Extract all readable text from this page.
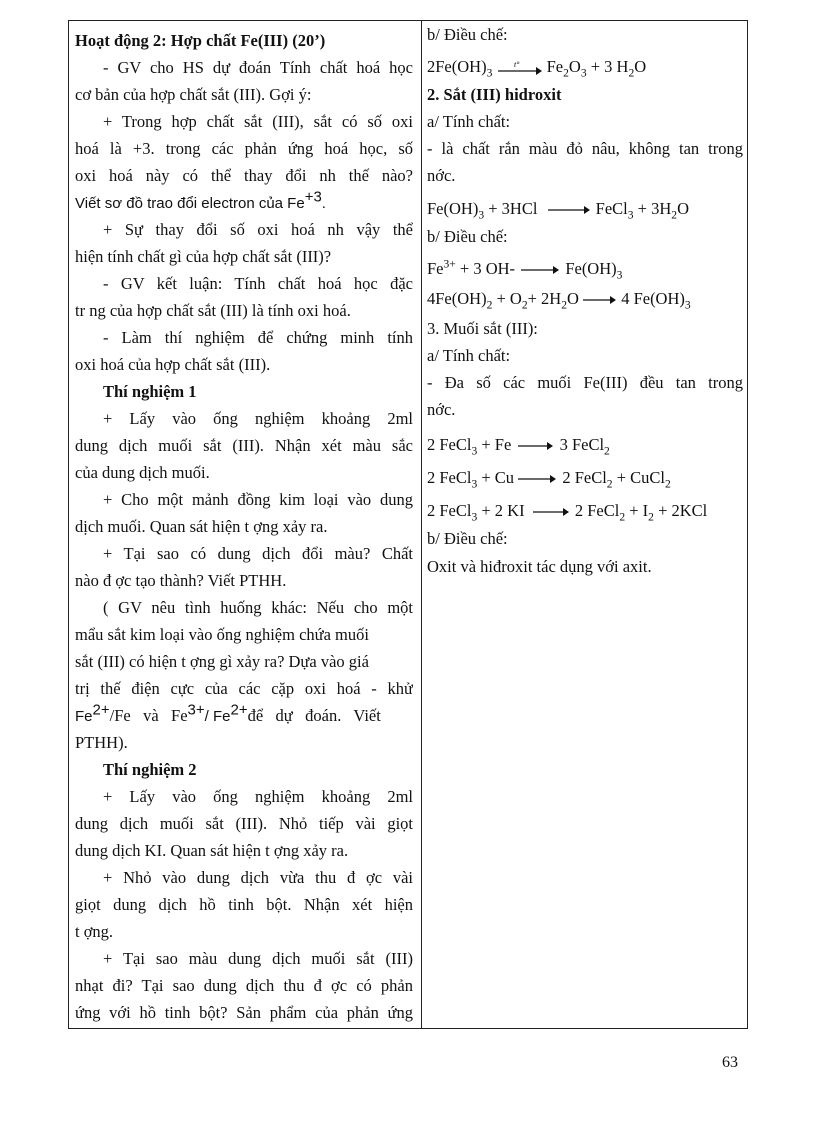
Hoạt động 2: Hợp chất Fe(III) (20’)
- GV cho HS dự đoán Tính chất hoá học
cơ bản của hợp chất sắt (III). Gợi ý:
+ Trong hợp chất sắt (III), sắt có số oxi
hoá là +3. trong các phản ứng hoá học, số
oxi hoá này có thể thay đổi nh thế nào?
Viết sơ đồ trao đổi electron của $Fe^{+3}$.
+ Sự thay đổi số oxi hoá nh vậy thể
hiện tính chất gì của hợp chất sắt (III)?
- GV kết luận: Tính chất hoá học đặc
tr ng của hợp chất sắt (III) là tính oxi hoá.
- Làm thí nghiệm để chứng minh tính
oxi hoá của hợp chất sắt (III).
Thí nghiệm 1
+ Lấy vào ống nghiệm khoảng 2ml
dung dịch muối sắt (III). Nhận xét màu sắc
của dung dịch muối.
+ Cho một mảnh đồng kim loại vào dung
dịch muối. Quan sát hiện t ợng xảy ra.
+ Tại sao có dung dịch đổi màu? Chất
nào đ ợc tạo thành? Viết PTHH.
( GV nêu tình huống khác: Nếu cho một
mẩu sắt kim loại vào ống nghiệm chứa muối
sắt (III) có hiện t ợng gì xảy ra? Dựa vào giá
trị thế điện cực của các cặp oxi hoá - khử
$Fe^{2+}/Fe$   và   $Fe^{3+}/$ $Fe^{2+}để$   dự   đoán.   Viết
PTHH).
Thí nghiệm 2
+ Lấy vào ống nghiệm khoảng 2ml
dung dịch muối sắt (III). Nhỏ tiếp vài giọt
dung dịch KI. Quan sát hiện t ợng xảy ra.
+ Nhỏ vào dung dịch vừa thu đ ợc vài
giọt dung dịch hồ tinh bột. Nhận xét hiện
t ợng.
+ Tại sao màu dung dịch muối sắt (III)
nhạt đi? Tại sao dung dịch thu đ ợc có phản
ứng với hồ tinh bột? Sản phẩm của phản ứng
b/ Điều chế:
$2Fe(OH)_3$
t° $Fe_2O_3 + 3$ $H_2O$
2. Sắt (III) hidroxit
a/ Tính chất:
- là chất rắn màu đỏ nâu, không tan trong
nớc.
$Fe(OH)_3 + 3HCl$	FeCl$_3$ + $3H_2O$
b/ Điều chế:
$Fe^{3+} + 3$ OH-	$Fe(OH)_3$
$4Fe(OH)_2 + O_2+ 2H_2O$	4 $Fe(OH)_3$
3. Muối sắt (III):
a/ Tính chất:
- Đa số các muối Fe(III) đều tan trong
nớc.
2 FeCl$_3$ + Fe	3 FeCl$_2$
2 FeCl$_3$ + Cu	2 FeCl$_2$ + CuCl$_2$
2 FeCl$_3$ + 2 KI	2 FeCl$_2$ + $I_2 + 2KCl$
b/ Điều chế:
Oxit và hiđroxit tác dụng với axit.
63
